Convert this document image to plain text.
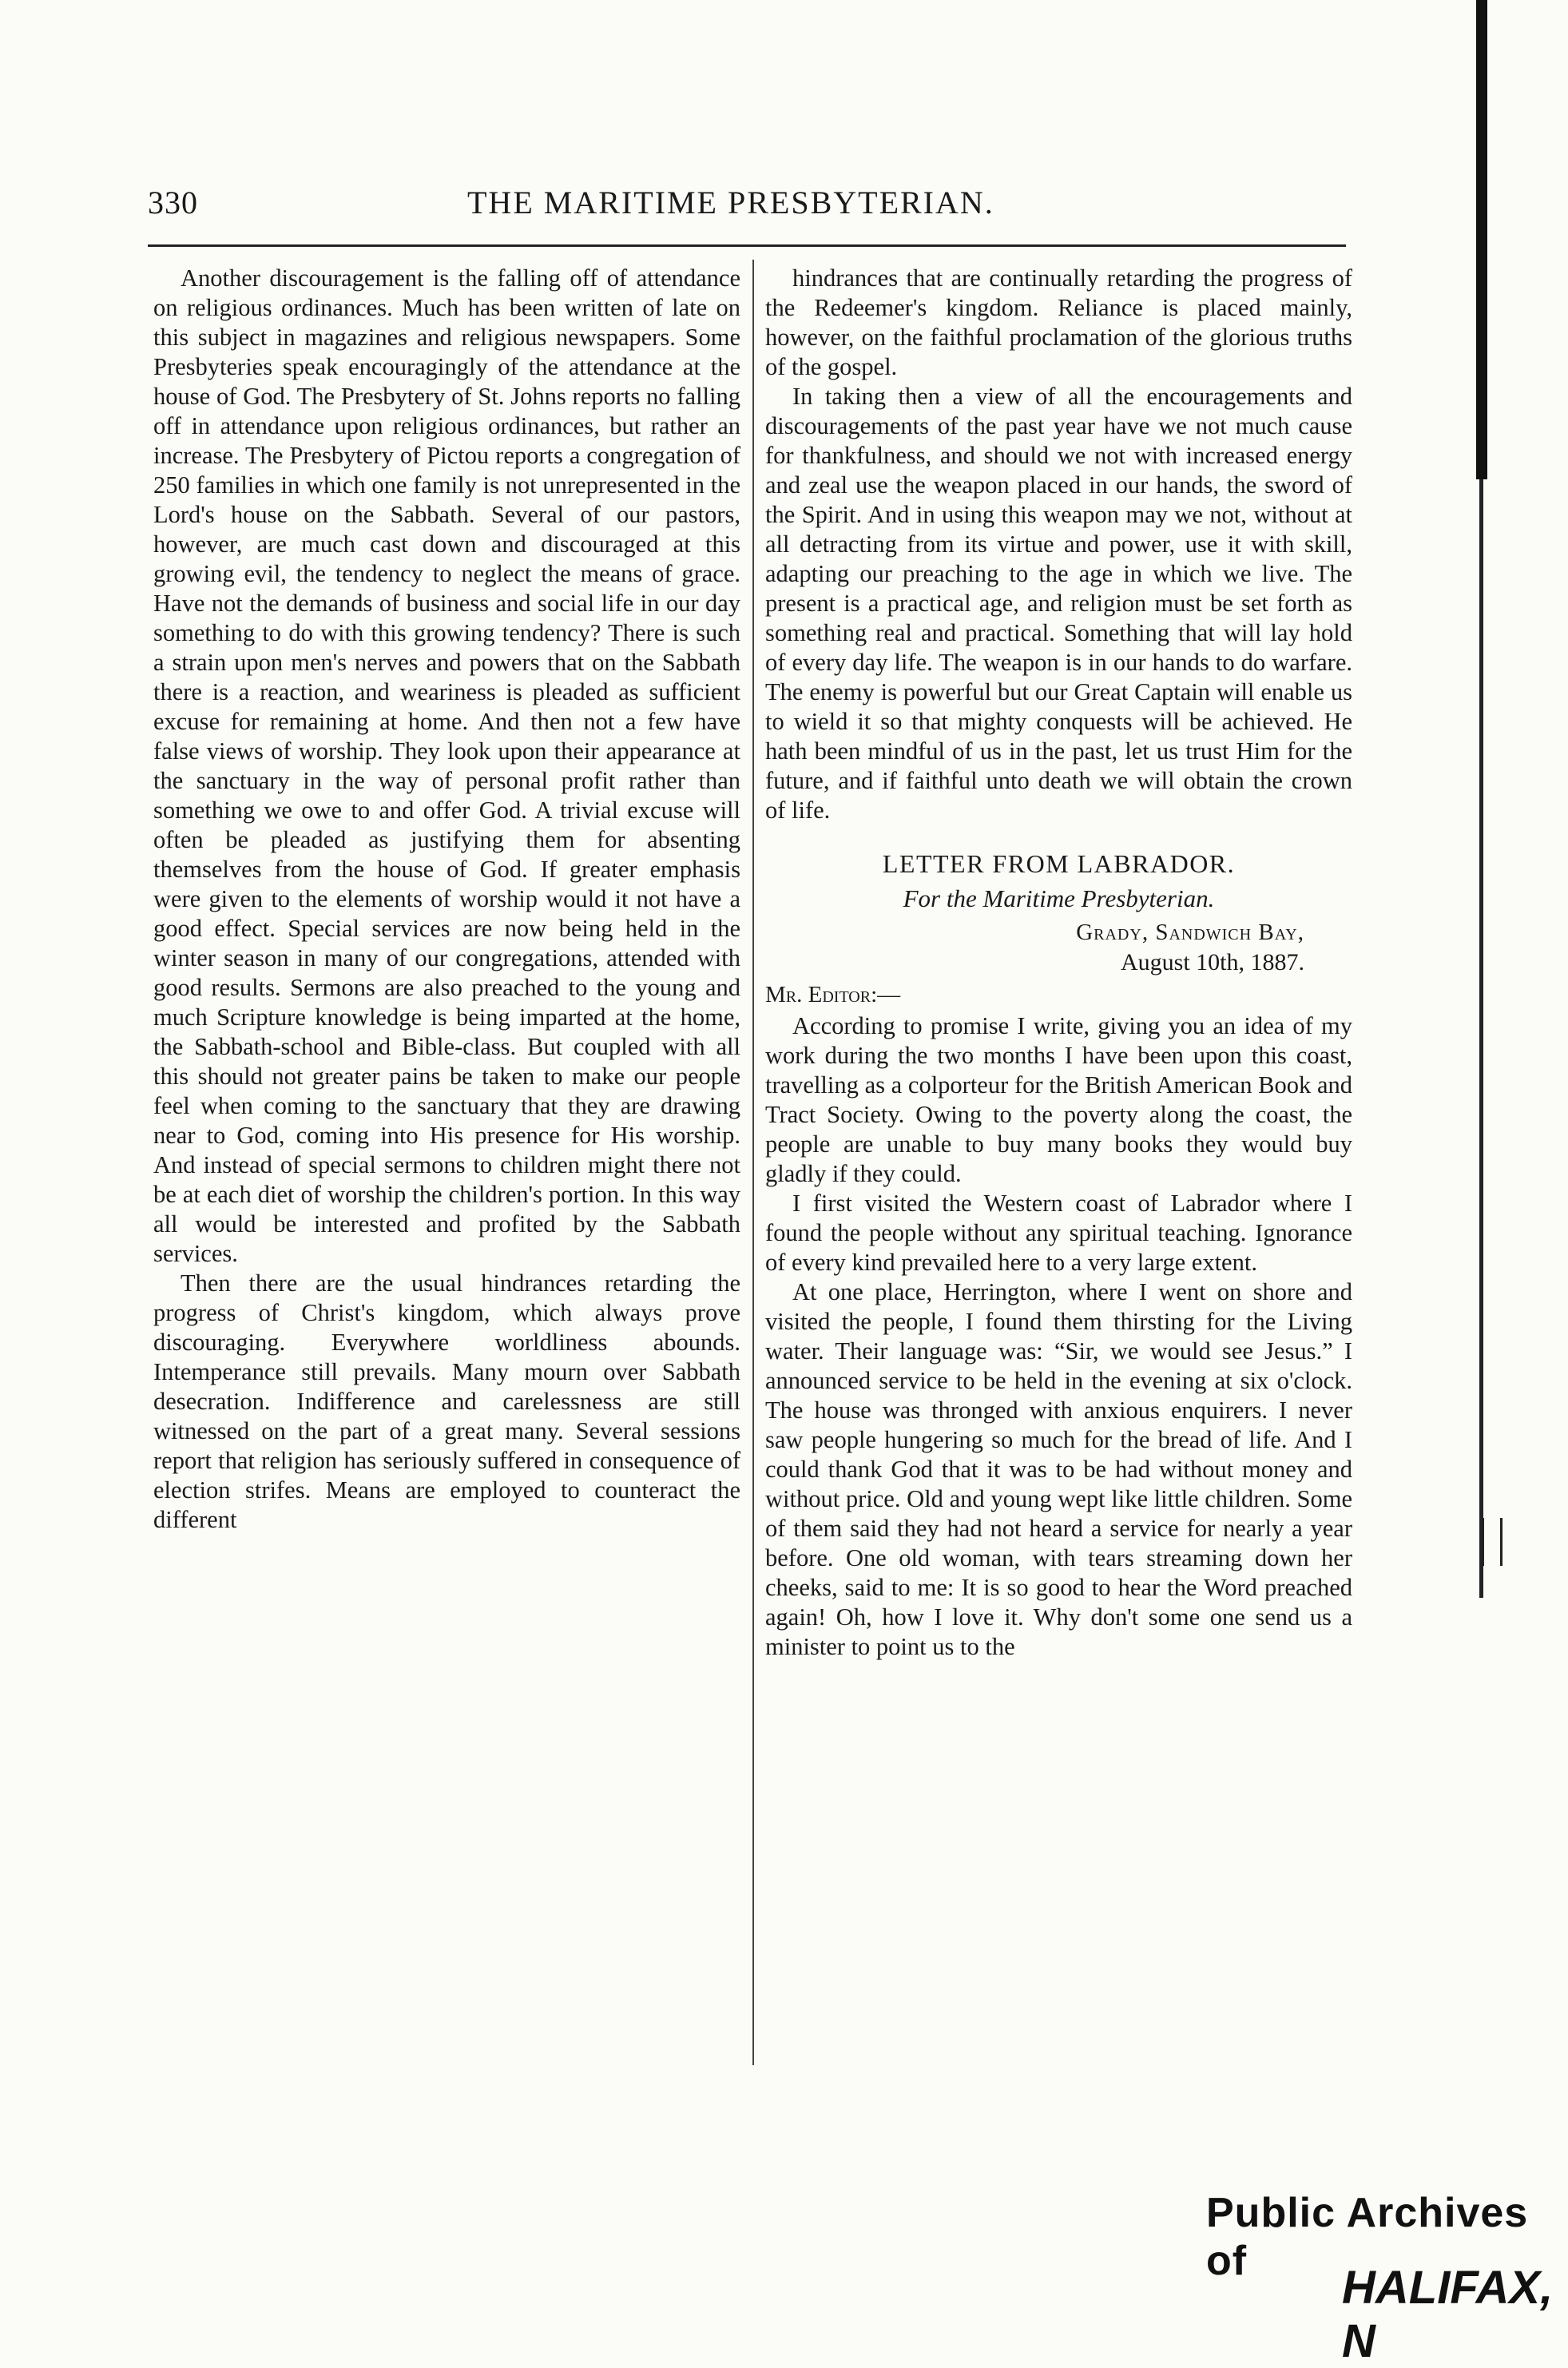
330	THE MARITIME PRESBYTERIAN.

Another discouragement is the falling off of attendance on religious ordinances. Much has been written of late on this subject in magazines and religious newspapers. Some Presbyteries speak encouragingly of the attendance at the house of God. The Presbytery of St. Johns reports no falling off in attendance upon religious ordinances, but rather an increase. The Presbytery of Pictou reports a congregation of 250 families in which one family is not unrepresented in the Lord's house on the Sabbath. Several of our pastors, however, are much cast down and discouraged at this growing evil, the tendency to neglect the means of grace. Have not the demands of business and social life in our day something to do with this growing tendency? There is such a strain upon men's nerves and powers that on the Sabbath there is a reaction, and weariness is pleaded as sufficient excuse for remaining at home. And then not a few have false views of worship. They look upon their appearance at the sanctuary in the way of personal profit rather than something we owe to and offer God. A trivial excuse will often be pleaded as justifying them for absenting themselves from the house of God. If greater emphasis were given to the elements of worship would it not have a good effect. Special services are now being held in the winter season in many of our congregations, attended with good results. Sermons are also preached to the young and much Scripture knowledge is being imparted at the home, the Sabbath-school and Bible-class. But coupled with all this should not greater pains be taken to make our people feel when coming to the sanctuary that they are drawing near to God, coming into His presence for His worship. And instead of special sermons to children might there not be at each diet of worship the children's portion. In this way all would be interested and profited by the Sabbath services.

Then there are the usual hindrances retarding the progress of Christ's kingdom, which always prove discouraging. Everywhere worldliness abounds. Intemperance still prevails. Many mourn over Sabbath desecration. Indifference and carelessness are still witnessed on the part of a great many. Several sessions report that religion has seriously suffered in consequence of election strifes. Means are employed to counteract the different

hindrances that are continually retarding the progress of the Redeemer's kingdom. Reliance is placed mainly, however, on the faithful proclamation of the glorious truths of the gospel.

In taking then a view of all the encouragements and discouragements of the past year have we not much cause for thankfulness, and should we not with increased energy and zeal use the weapon placed in our hands, the sword of the Spirit. And in using this weapon may we not, without at all detracting from its virtue and power, use it with skill, adapting our preaching to the age in which we live. The present is a practical age, and religion must be set forth as something real and practical. Something that will lay hold of every day life. The weapon is in our hands to do warfare. The enemy is powerful but our Great Captain will enable us to wield it so that mighty conquests will be achieved. He hath been mindful of us in the past, let us trust Him for the future, and if faithful unto death we will obtain the crown of life.

LETTER FROM LABRADOR.
For the Maritime Presbyterian.
Grady, Sandwich Bay,
August 10th, 1887.
Mr. Editor:—

According to promise I write, giving you an idea of my work during the two months I have been upon this coast, travelling as a colporteur for the British American Book and Tract Society. Owing to the poverty along the coast, the people are unable to buy many books they would buy gladly if they could.

I first visited the Western coast of Labrador where I found the people without any spiritual teaching. Ignorance of every kind prevailed here to a very large extent.

At one place, Herrington, where I went on shore and visited the people, I found them thirsting for the Living water. Their language was: “Sir, we would see Jesus.” I announced service to be held in the evening at six o'clock. The house was thronged with anxious enquirers. I never saw people hungering so much for the bread of life. And I could thank God that it was to be had without money and without price. Old and young wept like little children. Some of them said they had not heard a service for nearly a year before. One old woman, with tears streaming down her cheeks, said to me: It is so good to hear the Word preached again! Oh, how I love it. Why don't some one send us a minister to point us to the

Public Archives of
HALIFAX, N
